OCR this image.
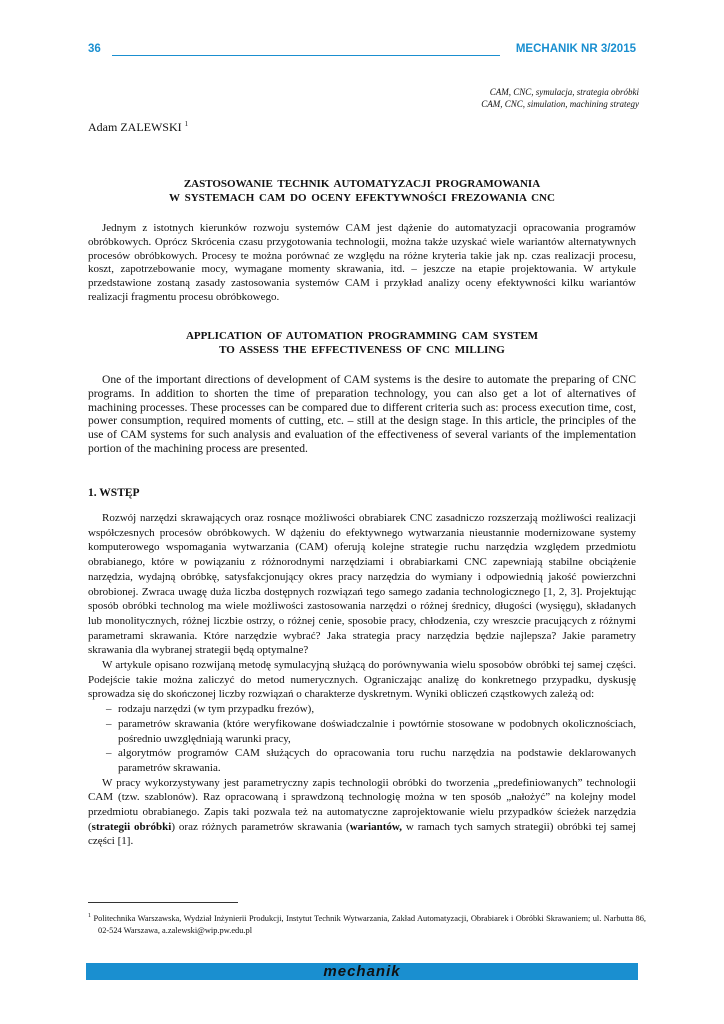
36	MECHANIK NR 3/2015
CAM, CNC, symulacja, strategia obróbki
CAM, CNC, simulation, machining strategy
Adam ZALEWSKI $^1$
ZASTOSOWANIE TECHNIK AUTOMATYZACJI PROGRAMOWANIA
W SYSTEMACH CAM DO OCENY EFEKTYWNOŚCI FREZOWANIA CNC
Jednym z istotnych kierunków rozwoju systemów CAM jest dążenie do automatyzacji opracowania programów obróbkowych. Oprócz Skrócenia czasu przygotowania technologii, można także uzyskać wiele wariantów alternatywnych procesów obróbkowych. Procesy te można porównać ze względu na różne kryteria takie jak np. czas realizacji procesu, koszt, zapotrzebowanie mocy, wymagane momenty skrawania, itd. – jeszcze na etapie projektowania. W artykule przedstawione zostaną zasady zastosowania systemów CAM i przykład analizy oceny efektywności kilku wariantów realizacji fragmentu procesu obróbkowego.
APPLICATION OF AUTOMATION PROGRAMMING CAM SYSTEM
TO ASSESS THE EFFECTIVENESS OF CNC MILLING
One of the important directions of development of CAM systems is the desire to automate the preparing of CNC programs. In addition to shorten the time of preparation technology, you can also get a lot of alternatives of machining processes. These processes can be compared due to different criteria such as: process execution time, cost, power consumption, required moments of cutting, etc. – still at the design stage. In this article, the principles of the use of CAM systems for such analysis and evaluation of the effectiveness of several variants of the implementation portion of the machining process are presented.
1. WSTĘP

Rozwój narzędzi skrawających oraz rosnące możliwości obrabiarek CNC zasadniczo rozszerzają możliwości realizacji współczesnych procesów obróbkowych. W dążeniu do efektywnego wytwarzania nieustannie modernizowane systemy komputerowego wspomagania wytwarzania (CAM) oferują kolejne strategie ruchu narzędzia względem przedmiotu obrabianego, które w powiązaniu z różnorodnymi narzędziami i obrabiarkami CNC zapewniają stabilne obciążenie narzędzia, wydajną obróbkę, satysfakcjonujący okres pracy narzędzia do wymiany i odpowiednią jakość powierzchni obrobionej. Zwraca uwagę duża liczba dostępnych rozwiązań tego samego zadania technologicznego [1, 2, 3]. Projektując sposób obróbki technolog ma wiele możliwości zastosowania narzędzi o różnej średnicy, długości (wysięgu), składanych lub monolitycznych, różnej liczbie ostrzy, o różnej cenie, sposobie pracy, chłodzenia, czy wreszcie pracujących z różnymi parametrami skrawania. Które narzędzie wybrać? Jaka strategia pracy narzędzia będzie najlepsza? Jakie parametry skrawania dla wybranej strategii będą optymalne?

W artykule opisano rozwijaną metodę symulacyjną służącą do porównywania wielu sposobów obróbki tej samej części. Podejście takie można zaliczyć do metod numerycznych. Ograniczając analizę do konkretnego przypadku, dyskusję sprowadza się do skończonej liczby rozwiązań o charakterze dyskretnym. Wyniki obliczeń cząstkowych zależą od:

– rodzaju narzędzi (w tym przypadku frezów),
– parametrów skrawania (które weryfikowane doświadczalnie i powtórnie stosowane w podobnych okolicznościach, pośrednio uwzględniają warunki pracy,
– algorytmów programów CAM służących do opracowania toru ruchu narzędzia na podstawie deklarowanych parametrów skrawania.

W pracy wykorzystywany jest parametryczny zapis technologii obróbki do tworzenia „predefiniowanych” technologii CAM (tzw. szablonów). Raz opracowaną i sprawdzoną technologię można w ten sposób „nałożyć” na kolejny model przedmiotu obrabianego. Zapis taki pozwala też na automatyczne zaprojektowanie wielu przypadków ścieżek narzędzia (strategii obróbki) oraz różnych parametrów skrawania (wariantów, w ramach tych samych strategii) obróbki tej samej części [1].

$^1$ Politechnika Warszawska, Wydział Inżynierii Produkcji, Instytut Technik Wytwarzania, Zakład Automatyzacji, Obrabiarek i Obróbki Skrawaniem; ul. Narbutta 86, 02-524 Warszawa, a.zalewski@wip.pw.edu.pl
mechanik
